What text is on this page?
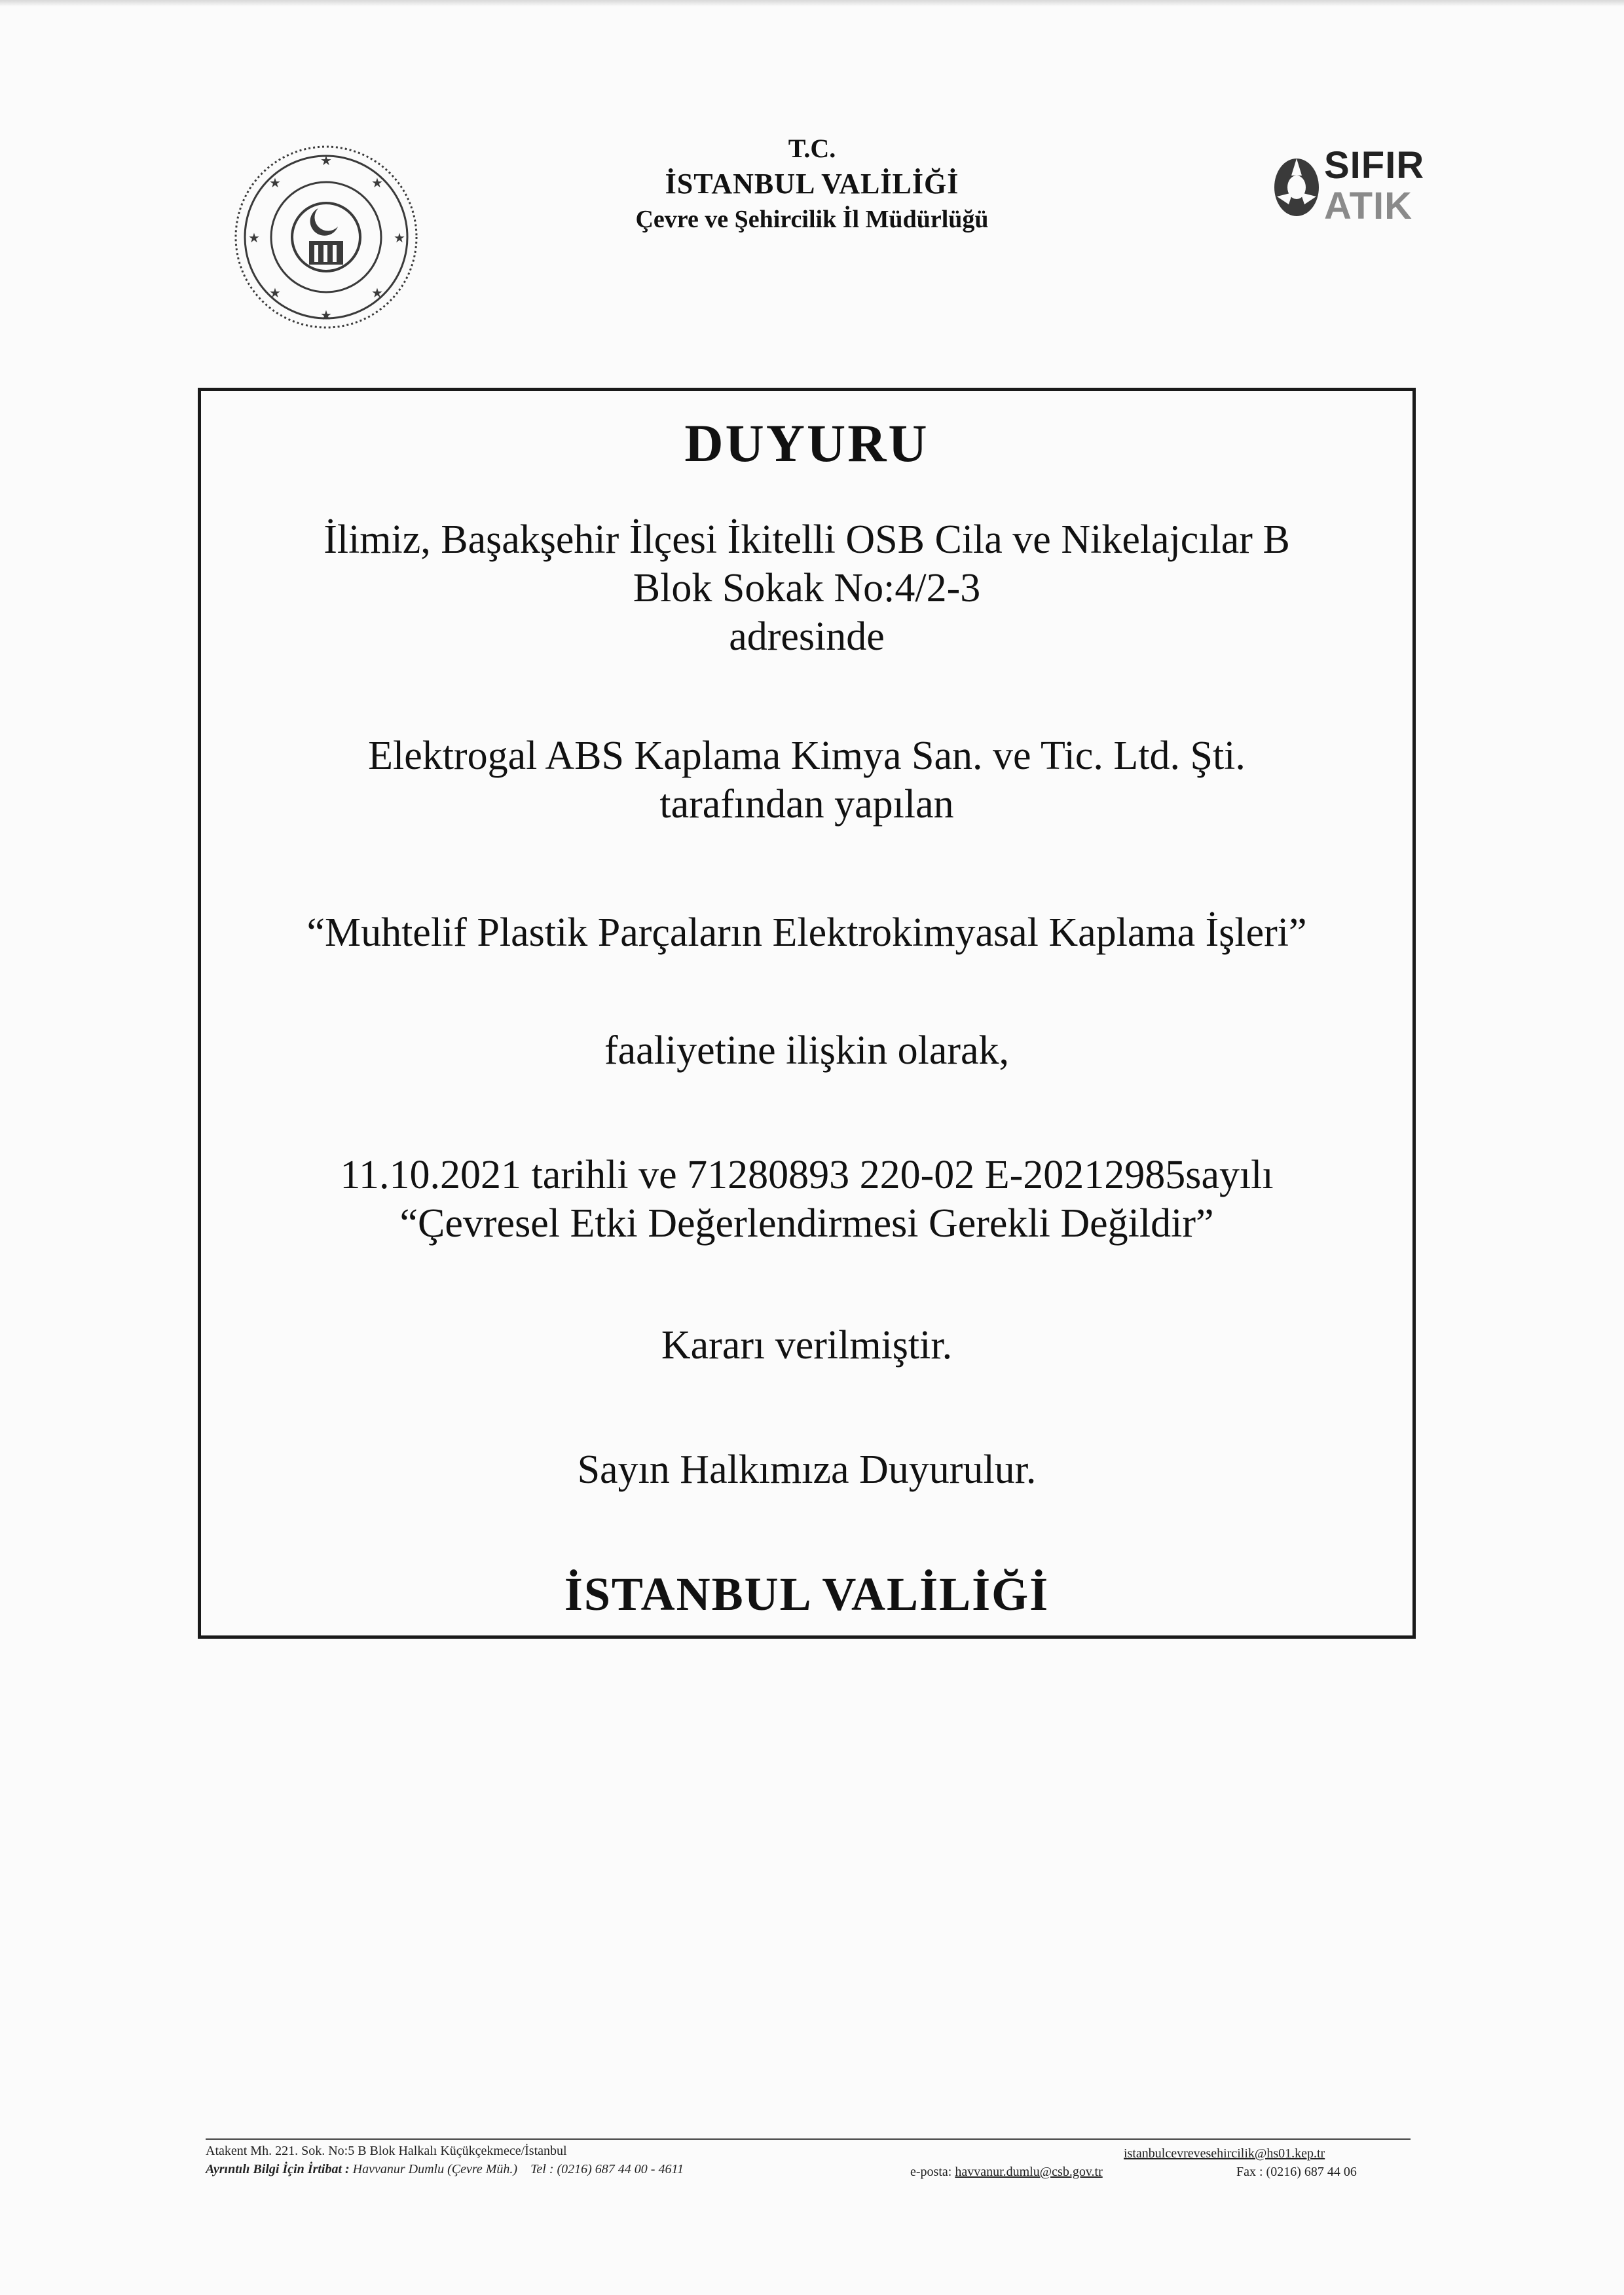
★
★	★
★	★
★	★
★
T.C.
İSTANBUL VALİLİĞİ
Çevre ve Şehircilik İl Müdürlüğü
SIFIR
ATIK

DUYURU

İlimiz, Başakşehir İlçesi İkitelli OSB Cila ve Nikelajcılar B
Blok Sokak No:4/2-3
adresinde

Elektrogal ABS Kaplama Kimya San. ve Tic. Ltd. Şti.
tarafından yapılan

“Muhtelif Plastik Parçaların Elektrokimyasal Kaplama İşleri”

faaliyetine ilişkin olarak,

11.10.2021 tarihli ve 71280893 220-02 E-20212985sayılı
“Çevresel Etki Değerlendirmesi Gerekli Değildir”

Kararı verilmiştir.

Sayın Halkımıza Duyurulur.

İSTANBUL VALİLİĞİ

Atakent Mh. 221. Sok. No:5 B Blok Halkalı Küçükçekmece/İstanbul	istanbulcevrevesehircilik@hs01.kep.tr
Ayrıntılı Bilgi İçin İrtibat : Havvanur Dumlu (Çevre Müh.) Tel : (0216) 687 44 00 - 4611	e-posta: havvanur.dumlu@csb.gov.tr	Fax : (0216) 687 44 06
